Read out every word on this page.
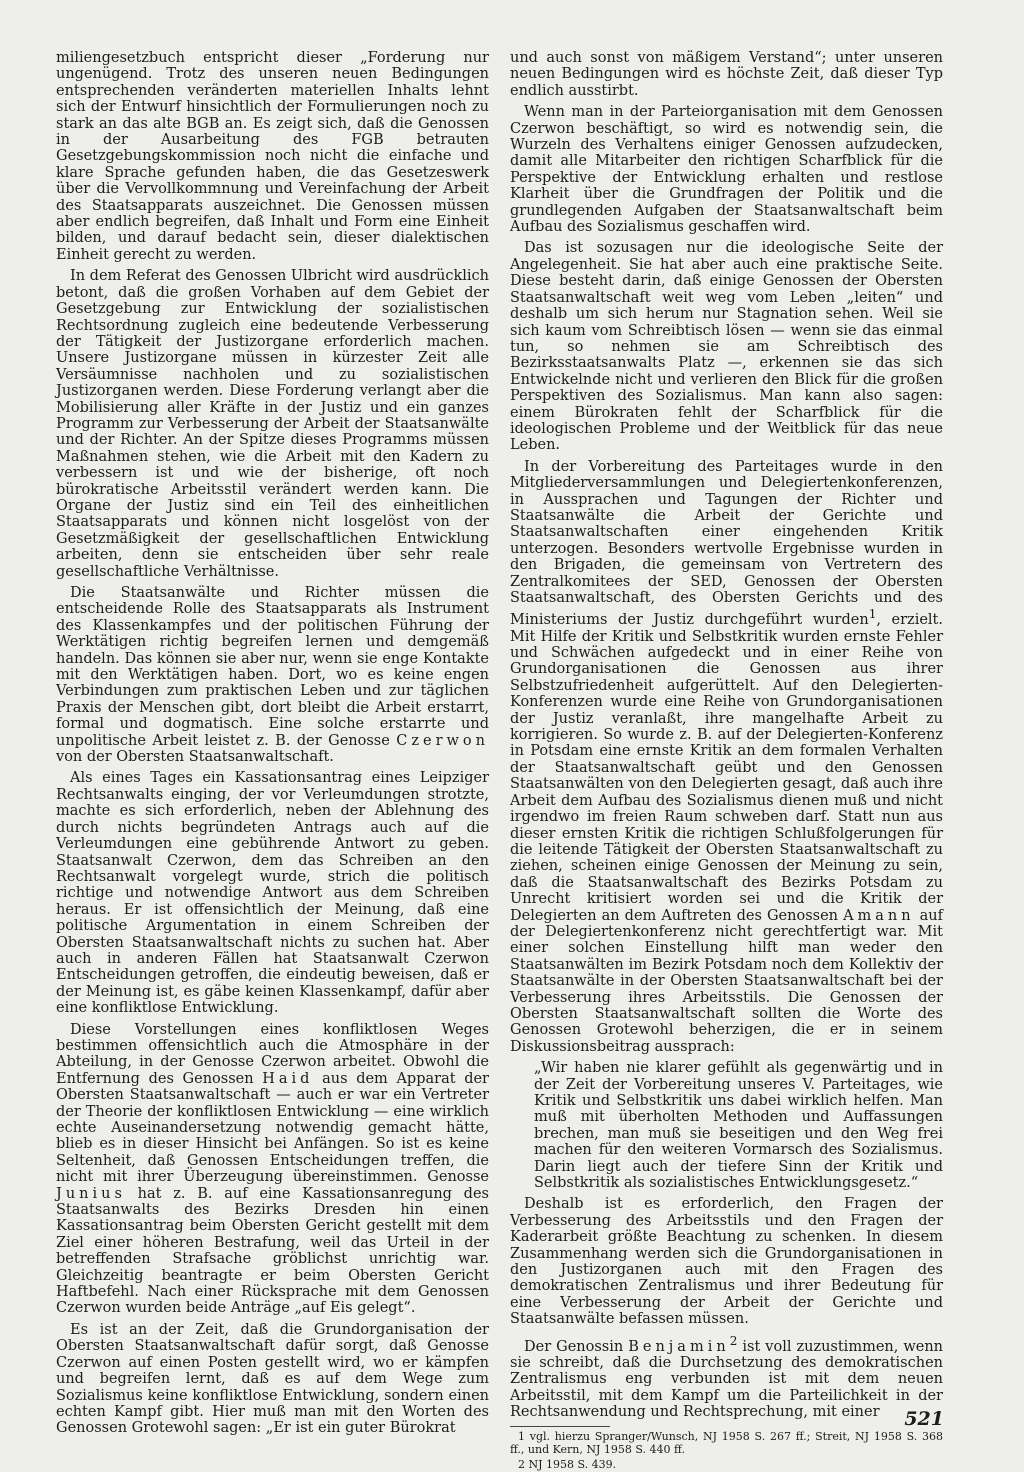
miliengesetzbuch entspricht dieser „Forderung nur ungenügend. Trotz des unseren neuen Bedingungen entsprechenden veränderten materiellen Inhalts lehnt sich der Entwurf hinsichtlich der Formulierungen noch zu stark an das alte BGB an. Es zeigt sich, daß die Genossen in der Ausarbeitung des FGB betrauten Gesetzgebungskommission noch nicht die einfache und klare Sprache gefunden haben, die das Gesetzeswerk über die Vervollkommnung und Vereinfachung der Arbeit des Staatsapparats auszeichnet. Die Genossen müssen aber endlich begreifen, daß Inhalt und Form eine Einheit bilden, und darauf bedacht sein, dieser dialektischen Einheit gerecht zu werden.

In dem Referat des Genossen Ulbricht wird ausdrücklich betont, daß die großen Vorhaben auf dem Gebiet der Gesetzgebung zur Entwicklung der sozialistischen Rechtsordnung zugleich eine bedeutende Verbesserung der Tätigkeit der Justizorgane erforderlich machen. Unsere Justizorgane müssen in kürzester Zeit alle Versäumnisse nachholen und zu sozialistischen Justizorganen werden. Diese Forderung verlangt aber die Mobilisierung aller Kräfte in der Justiz und ein ganzes Programm zur Verbesserung der Arbeit der Staatsanwälte und der Richter. An der Spitze dieses Programms müssen Maßnahmen stehen, wie die Arbeit mit den Kadern zu verbessern ist und wie der bisherige, oft noch bürokratische Arbeitsstil verändert werden kann. Die Organe der Justiz sind ein Teil des einheitlichen Staatsapparats und können nicht losgelöst von der Gesetzmäßigkeit der gesellschaftlichen Entwicklung arbeiten, denn sie entscheiden über sehr reale gesellschaftliche Verhältnisse.

Die Staatsanwälte und Richter müssen die entscheidende Rolle des Staatsapparats als Instrument des Klassenkampfes und der politischen Führung der Werktätigen richtig begreifen lernen und demgemäß handeln. Das können sie aber nur, wenn sie enge Kontakte mit den Werktätigen haben. Dort, wo es keine engen Verbindungen zum praktischen Leben und zur täglichen Praxis der Menschen gibt, dort bleibt die Arbeit erstarrt, formal und dogmatisch. Eine solche erstarrte und unpolitische Arbeit leistet z. B. der Genosse Czerwon von der Obersten Staatsanwaltschaft.

Als eines Tages ein Kassationsantrag eines Leipziger Rechtsanwalts einging, der vor Verleumdungen strotzte, machte es sich erforderlich, neben der Ablehnung des durch nichts begründeten Antrags auch auf die Verleumdungen eine gebührende Antwort zu geben. Staatsanwalt Czerwon, dem das Schreiben an den Rechtsanwalt vorgelegt wurde, strich die politisch richtige und notwendige Antwort aus dem Schreiben heraus. Er ist offensichtlich der Meinung, daß eine politische Argumentation in einem Schreiben der Obersten Staatsanwaltschaft nichts zu suchen hat. Aber auch in anderen Fällen hat Staatsanwalt Czerwon Entscheidungen getroffen, die eindeutig beweisen, daß er der Meinung ist, es gäbe keinen Klassenkampf, dafür aber eine konfliktlose Entwicklung.

Diese Vorstellungen eines konfliktlosen Weges bestimmen offensichtlich auch die Atmosphäre in der Abteilung, in der Genosse Czerwon arbeitet. Obwohl die Entfernung des Genossen Haid aus dem Apparat der Obersten Staatsanwaltschaft — auch er war ein Vertreter der Theorie der konfliktlosen Entwicklung — eine wirklich echte Auseinandersetzung notwendig gemacht hätte, blieb es in dieser Hinsicht bei Anfängen. So ist es keine Seltenheit, daß Genossen Entscheidungen treffen, die nicht mit ihrer Überzeugung übereinstimmen. Genosse Junius hat z. B. auf eine Kassationsanregung des Staatsanwalts des Bezirks Dresden hin einen Kassationsantrag beim Obersten Gericht gestellt mit dem Ziel einer höheren Bestrafung, weil das Urteil in der betreffenden Strafsache gröblichst unrichtig war. Gleichzeitig beantragte er beim Obersten Gericht Haftbefehl. Nach einer Rücksprache mit dem Genossen Czerwon wurden beide Anträge „auf Eis gelegt“.

Es ist an der Zeit, daß die Grundorganisation der Obersten Staatsanwaltschaft dafür sorgt, daß Genosse Czerwon auf einen Posten gestellt wird, wo er kämpfen und begreifen lernt, daß es auf dem Wege zum Sozialismus keine konfliktlose Entwicklung, sondern einen echten Kampf gibt. Hier muß man mit den Worten des Genossen Grotewohl sagen: „Er ist ein guter Bürokrat

und auch sonst von mäßigem Verstand“; unter unseren neuen Bedingungen wird es höchste Zeit, daß dieser Typ endlich ausstirbt.

Wenn man in der Parteiorganisation mit dem Genossen Czerwon beschäftigt, so wird es notwendig sein, die Wurzeln des Verhaltens einiger Genossen aufzudecken, damit alle Mitarbeiter den richtigen Scharfblick für die Perspektive der Entwicklung erhalten und restlose Klarheit über die Grundfragen der Politik und die grundlegenden Aufgaben der Staatsanwaltschaft beim Aufbau des Sozialismus geschaffen wird.

Das ist sozusagen nur die ideologische Seite der Angelegenheit. Sie hat aber auch eine praktische Seite. Diese besteht darin, daß einige Genossen der Obersten Staatsanwaltschaft weit weg vom Leben „leiten“ und deshalb um sich herum nur Stagnation sehen. Weil sie sich kaum vom Schreibtisch lösen — wenn sie das einmal tun, so nehmen sie am Schreibtisch des Bezirksstaatsanwalts Platz —, erkennen sie das sich Entwickelnde nicht und verlieren den Blick für die großen Perspektiven des Sozialismus. Man kann also sagen: einem Bürokraten fehlt der Scharfblick für die ideologischen Probleme und der Weitblick für das neue Leben.

In der Vorbereitung des Parteitages wurde in den Mitgliederversammlungen und Delegiertenkonferenzen, in Aussprachen und Tagungen der Richter und Staatsanwälte die Arbeit der Gerichte und Staatsanwaltschaften einer eingehenden Kritik unterzogen. Besonders wertvolle Ergebnisse wurden in den Brigaden, die gemeinsam von Vertretern des Zentralkomitees der SED, Genossen der Obersten Staatsanwaltschaft, des Obersten Gerichts und des Ministeriums der Justiz durchgeführt wurden$^1$, erzielt. Mit Hilfe der Kritik und Selbstkritik wurden ernste Fehler und Schwächen aufgedeckt und in einer Reihe von Grundorganisationen die Genossen aus ihrer Selbstzufriedenheit aufgerüttelt. Auf den Delegierten-Konferenzen wurde eine Reihe von Grundorganisationen der Justiz veranlaßt, ihre mangelhafte Arbeit zu korrigieren. So wurde z. B. auf der Delegierten-Konferenz in Potsdam eine ernste Kritik an dem formalen Verhalten der Staatsanwaltschaft geübt und den Genossen Staatsanwälten von den Delegierten gesagt, daß auch ihre Arbeit dem Aufbau des Sozialismus dienen muß und nicht irgendwo im freien Raum schweben darf. Statt nun aus dieser ernsten Kritik die richtigen Schlußfolgerungen für die leitende Tätigkeit der Obersten Staatsanwaltschaft zu ziehen, scheinen einige Genossen der Meinung zu sein, daß die Staatsanwaltschaft des Bezirks Potsdam zu Unrecht kritisiert worden sei und die Kritik der Delegierten an dem Auftreten des Genossen Amann auf der Delegiertenkonferenz nicht gerechtfertigt war. Mit einer solchen Einstellung hilft man weder den Staatsanwälten im Bezirk Potsdam noch dem Kollektiv der Staatsanwälte in der Obersten Staatsanwaltschaft bei der Verbesserung ihres Arbeitsstils. Die Genossen der Obersten Staatsanwaltschaft sollten die Worte des Genossen Grotewohl beherzigen, die er in seinem Diskussionsbeitrag aussprach:

„Wir haben nie klarer gefühlt als gegenwärtig und in der Zeit der Vorbereitung unseres V. Parteitages, wie Kritik und Selbstkritik uns dabei wirklich helfen. Man muß mit überholten Methoden und Auffassungen brechen, man muß sie beseitigen und den Weg frei machen für den weiteren Vormarsch des Sozialismus. Darin liegt auch der tiefere Sinn der Kritik und Selbstkritik als sozialistisches Entwicklungsgesetz.“

Deshalb ist es erforderlich, den Fragen der Verbesserung des Arbeitsstils und den Fragen der Kaderarbeit größte Beachtung zu schenken. In diesem Zusammenhang werden sich die Grundorganisationen in den Justizorganen auch mit den Fragen des demokratischen Zentralismus und ihrer Bedeutung für eine Verbesserung der Arbeit der Gerichte und Staatsanwälte befassen müssen.

Der Genossin Benjamin$^2$ ist voll zuzustimmen, wenn sie schreibt, daß die Durchsetzung des demokratischen Zentralismus eng verbunden ist mit dem neuen Arbeitsstil, mit dem Kampf um die Parteilichkeit in der Rechtsanwendung und Rechtsprechung, mit einer

1 vgl. hierzu Spranger/Wunsch, NJ 1958 S. 267 ff.; Streit, NJ 1958 S. 368 ff., und Kern, NJ 1958 S. 440 ff.

2 NJ 1958 S. 439.

521
